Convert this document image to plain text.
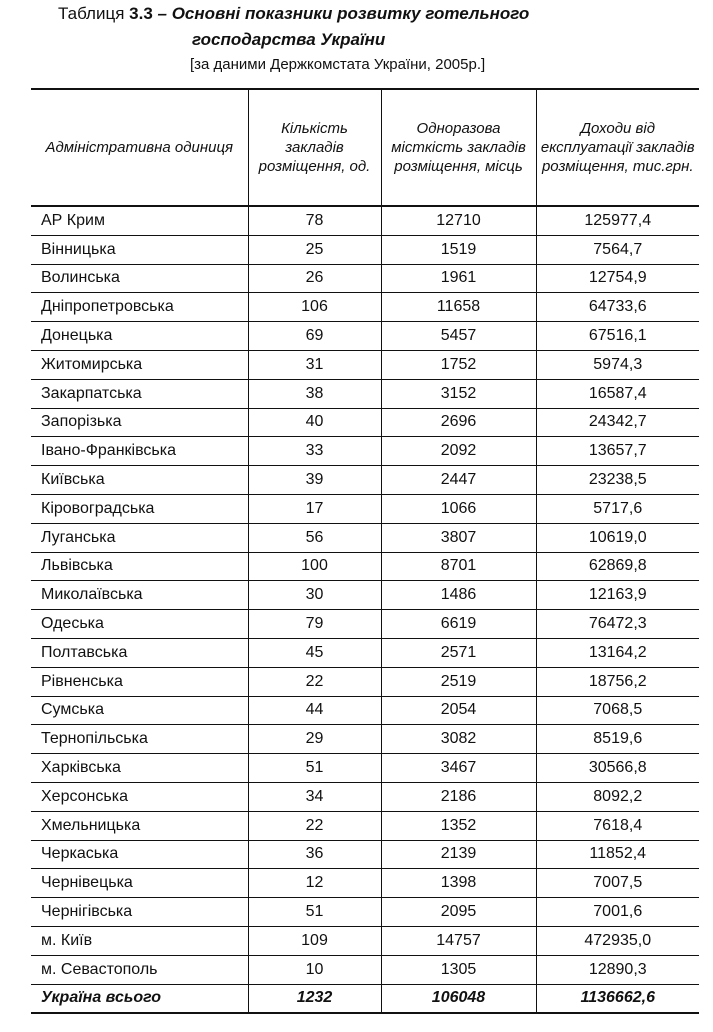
Таблиця 3.3 – Основні показники розвитку готельного
господарства України
[за даними Держкомстата України, 2005р.]
Адміністративна одиниця	Кількість закладів розміщення, од.	Одноразова місткість закладів розміщення, місць	Доходи від експлуатації закладів розміщення, тис.грн.
АР Крим	78	12710	125977,4
Вінницька	25	1519	7564,7
Волинська	26	1961	12754,9
Дніпропетровська	106	11658	64733,6
Донецька	69	5457	67516,1
Житомирська	31	1752	5974,3
Закарпатська	38	3152	16587,4
Запорізька	40	2696	24342,7
Івано-Франківська	33	2092	13657,7
Київська	39	2447	23238,5
Кіровоградська	17	1066	5717,6
Луганська	56	3807	10619,0
Львівська	100	8701	62869,8
Миколаївська	30	1486	12163,9
Одеська	79	6619	76472,3
Полтавська	45	2571	13164,2
Рівненська	22	2519	18756,2
Сумська	44	2054	7068,5
Тернопільська	29	3082	8519,6
Харківська	51	3467	30566,8
Херсонська	34	2186	8092,2
Хмельницька	22	1352	7618,4
Черкаська	36	2139	11852,4
Чернівецька	12	1398	7007,5
Чернігівська	51	2095	7001,6
м. Київ	109	14757	472935,0
м. Севастополь	10	1305	12890,3
Україна всього	1232	106048	1136662,6
